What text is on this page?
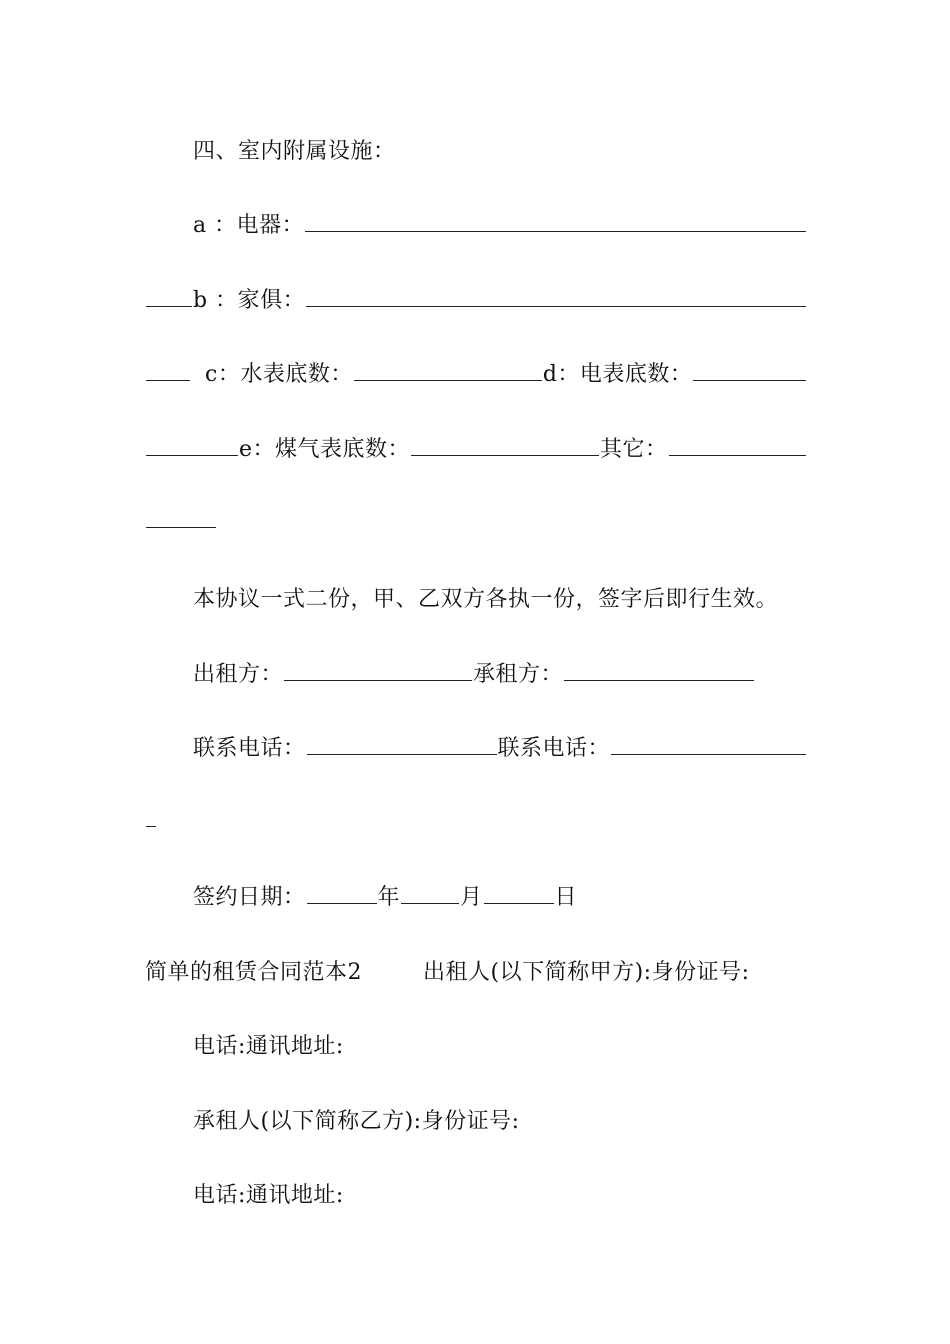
四、室内附属设施：
a ：电器：
b ：家俱：
c：水表底数：	d：电表底数：
e：煤气表底数：	其它：
本协议一式二份，甲、乙双方各执一份，签字后即行生效。
出租方：	承租方：
联系电话：	联系电话：
签约日期：	年	月	日
简单的租赁合同范本2	出租人(以下简称甲方):身份证号:
电话:通讯地址:
承租人(以下简称乙方):身份证号:
电话:通讯地址:
